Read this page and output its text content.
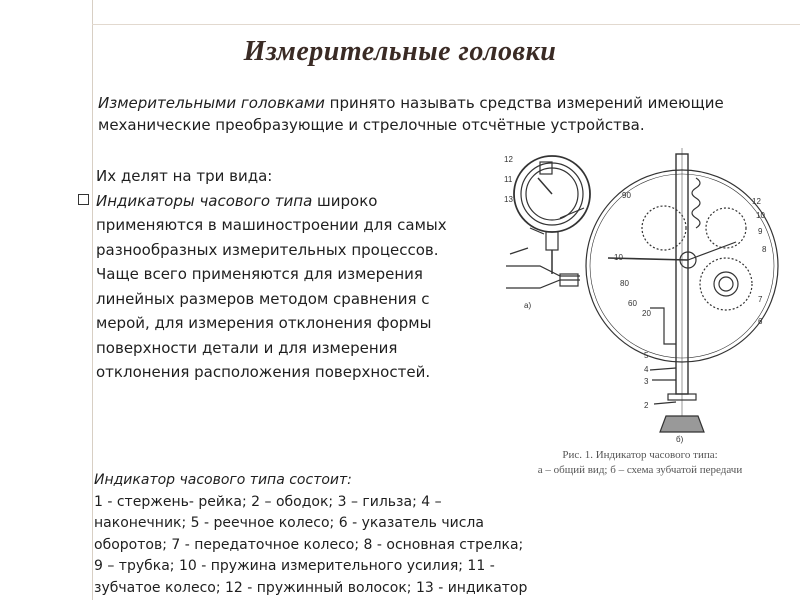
Измерительные головки
Измерительными головками принято называть средства измерений имеющие механические преобразующие и стрелочные отсчётные устройства.
Их делят на три вида:
Индикаторы часового типа широко
применяются в машиностроении для самых
разнообразных измерительных процессов.
Чаще всего применяются для измерения
линейных размеров методом сравнения с
мерой, для измерения отклонения формы
поверхности детали и для измерения
отклонения расположения поверхностей.
а)
б)
90
10
80
20
60
12
10
9
8
7
6
5
4
3
2
12
11
13
Рис. 1. Индикатор часового типа:
а – общий вид; б – схема зубчатой передачи
Индикатор часового типа состоит:
1 - стержень- рейка; 2 – ободок; 3 – гильза; 4 –
наконечник; 5 - реечное колесо; 6 - указатель числа
оборотов; 7 - передаточное колесо; 8 - основная стрелка;
9 – трубка; 10 - пружина измерительного усилия; 11 -
зубчатое колесо; 12 - пружинный волосок; 13 - индикатор
